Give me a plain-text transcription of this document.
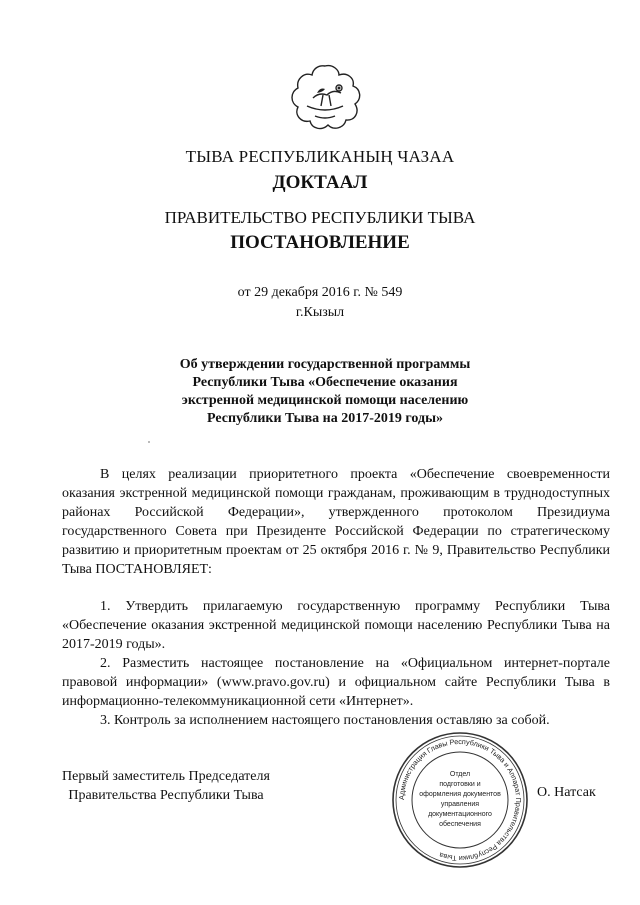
ТЫВА РЕСПУБЛИКАНЫҢ ЧАЗАА
ДОКТААЛ
ПРАВИТЕЛЬСТВО РЕСПУБЛИКИ ТЫВА
ПОСТАНОВЛЕНИЕ
от 29 декабря 2016 г. № 549
г.Кызыл
Об утверждении государственной программы
Республики Тыва «Обеспечение оказания
экстренной медицинской помощи населению
Республики Тыва на 2017-2019 годы»

В целях реализации приоритетного проекта «Обеспечение своевременности оказания экстренной медицинской помощи гражданам, проживающим в труднодоступных районах Российской Федерации», утвержденного протоколом Президиума государственного Совета при Президенте Российской Федерации по стратегическому развитию и приоритетным проектам от 25 октября 2016 г. № 9, Правительство Республики Тыва ПОСТАНОВЛЯЕТ:

1. Утвердить прилагаемую государственную программу Республики Тыва «Обеспечение оказания экстренной медицинской помощи населению Республики Тыва на 2017-2019 годы».

2. Разместить настоящее постановление на «Официальном интернет-портале правовой информации» (www.pravo.gov.ru) и официальном сайте Республики Тыва в информационно-телекоммуникационной сети «Интернет».

3. Контроль за исполнением настоящего постановления оставляю за собой.

Первый заместитель Председателя
Правительства Республики Тыва	Администрация Главы Республики Тыва и Аппарат Правительства Республики Тыва
Отдел
подготовки и
оформления документов
управления
документационного
обеспечения
О. Натсак
